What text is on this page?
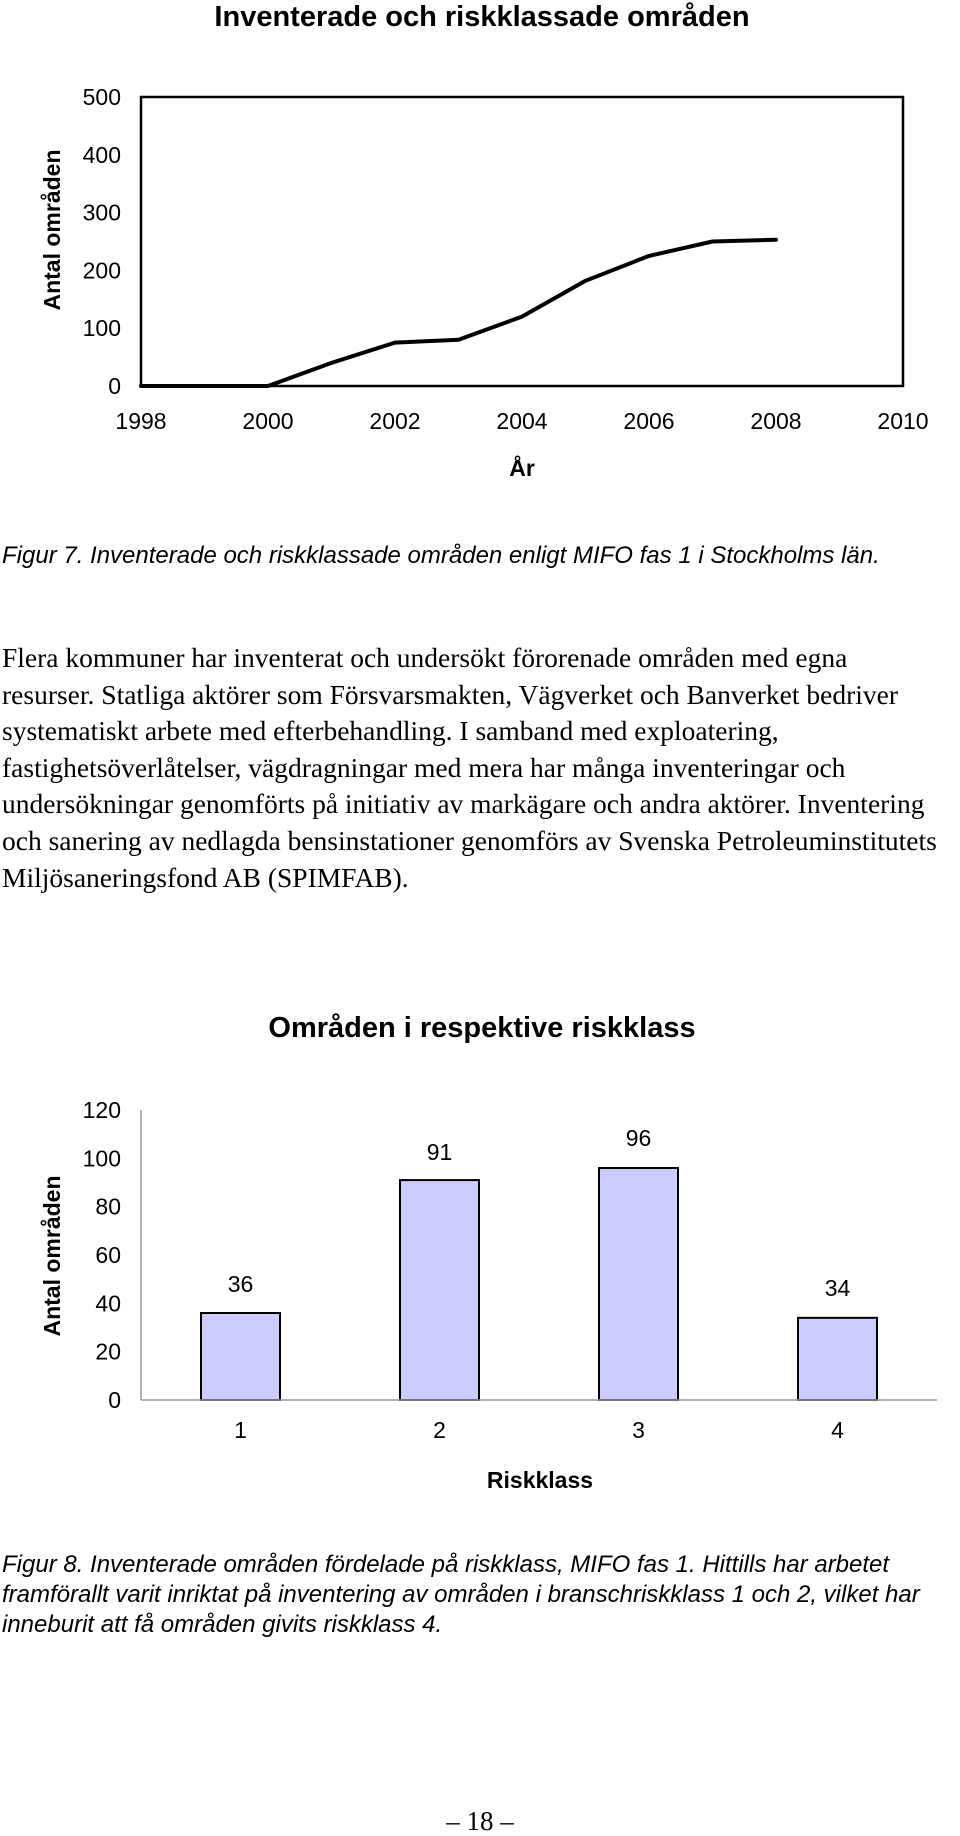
Inventerade och riskklassade områden
0
100
200
300
400
500
1998	2000	2002	2004	2006	2008	2010
Antal områden
År

Figur 7. Inventerade och riskklassade områden enligt MIFO fas 1 i Stockholms län.

Flera kommuner har inventerat och undersökt förorenade områden med egna resurser. Statliga aktörer som Försvarsmakten, Vägverket och Banverket bedriver systematiskt arbete med efterbehandling. I samband med exploatering, fastighetsöverlåtelser, vägdragningar med mera har många inventeringar och undersökningar genomförts på initiativ av markägare och andra aktörer. Inventering och sanering av nedlagda bensinstationer genomförs av Svenska Petroleuminstitutets Miljösaneringsfond AB (SPIMFAB).

Områden i respektive riskklass
36
91
96
34
0
20
40
60
80
100
120
1	2	3	4
Antal områden
Riskklass

Figur 8. Inventerade områden fördelade på riskklass, MIFO fas 1. Hittills har arbetet framförallt varit inriktat på inventering av områden i branschriskklass 1 och 2, vilket har inneburit att få områden givits riskklass 4.

– 18 –
